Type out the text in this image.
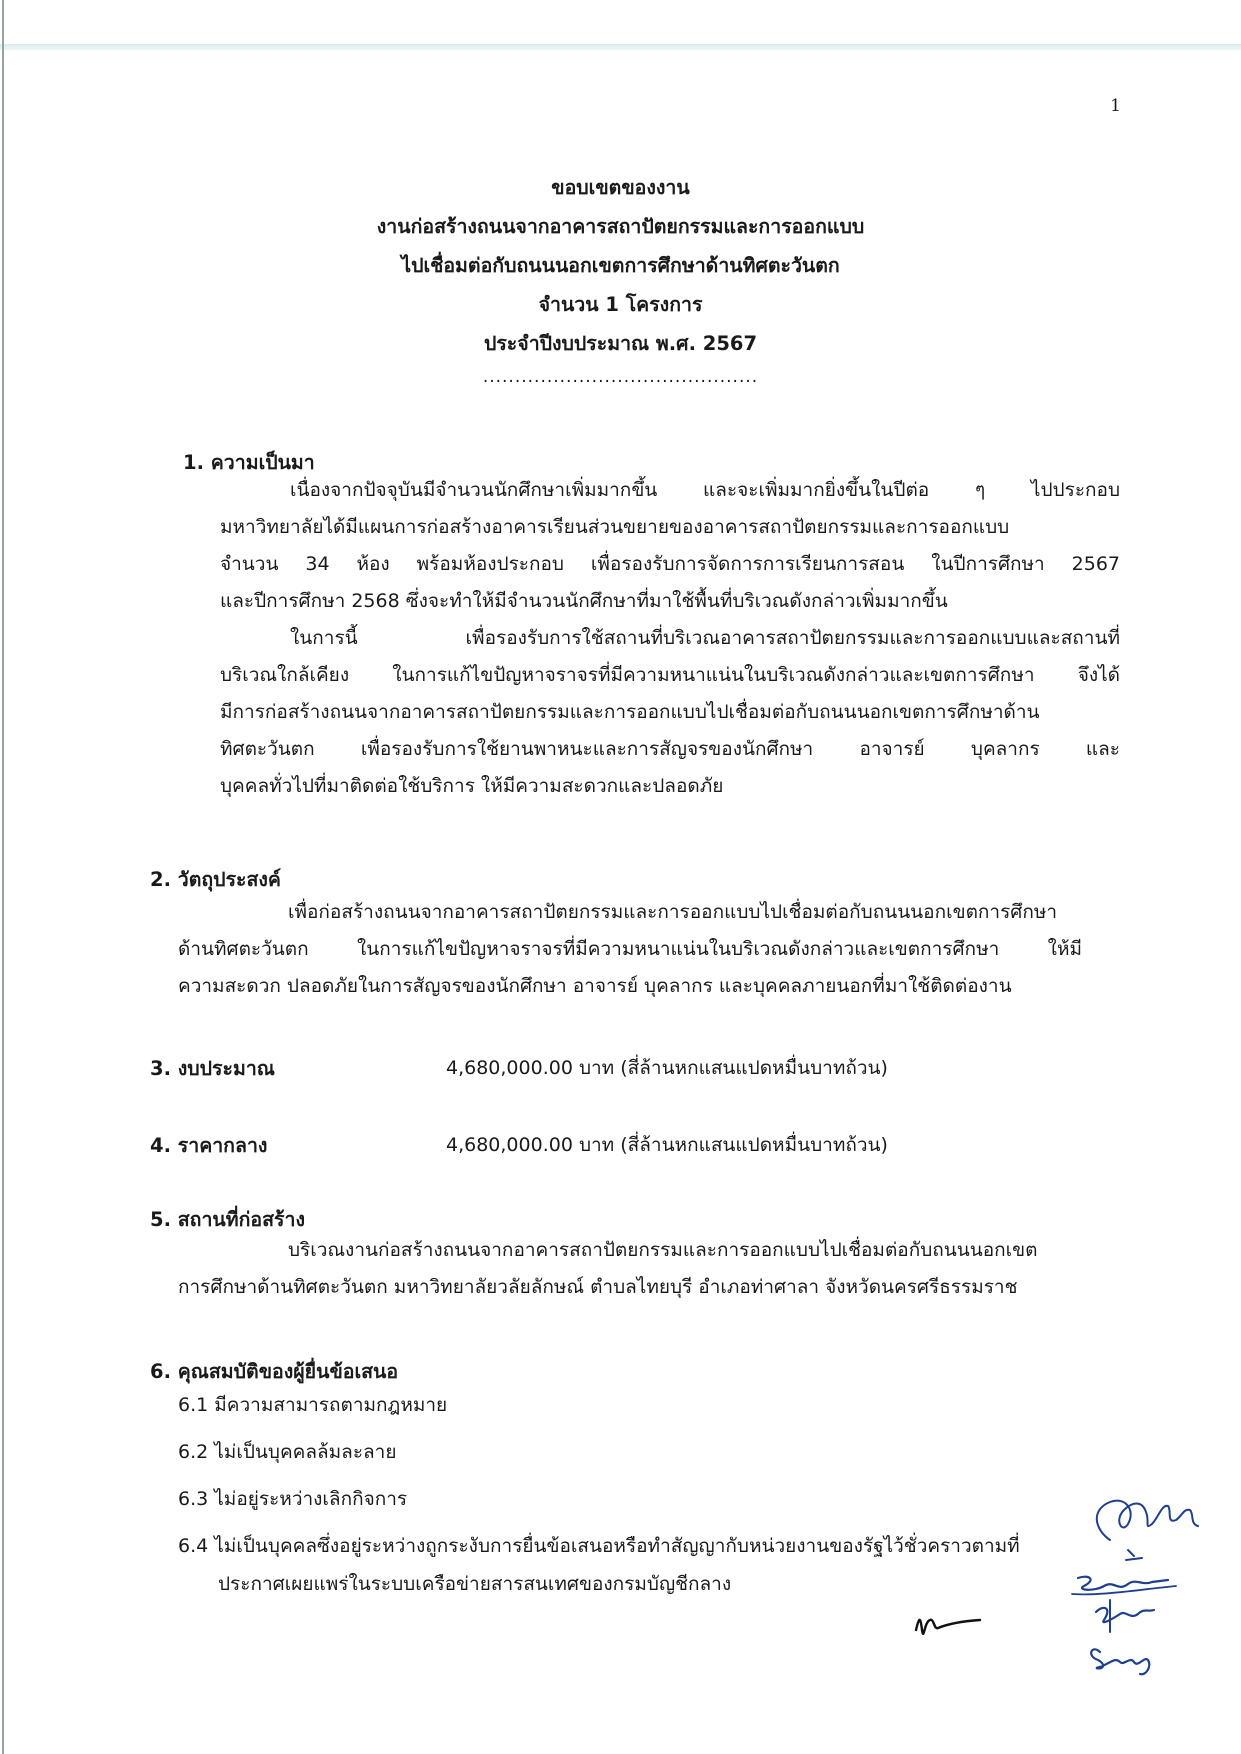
1
ขอบเขตของงาน
งานก่อสร้างถนนจากอาคารสถาปัตยกรรมและการออกแบบ
ไปเชื่อมต่อกับถนนนอกเขตการศึกษาด้านทิศตะวันตก
จำนวน 1 โครงการ
ประจำปีงบประมาณ พ.ศ. 2567
...........................................
1. ความเป็นมา
เนื่องจากปัจจุบันมีจำนวนนักศึกษาเพิ่มมากขึ้น และจะเพิ่มมากยิ่งขึ้นในปีต่อ ๆ ไปประกอบ
มหาวิทยาลัยได้มีแผนการก่อสร้างอาคารเรียนส่วนขยายของอาคารสถาปัตยกรรมและการออกแบบ
จำนวน 34 ห้อง พร้อมห้องประกอบ เพื่อรองรับการจัดการการเรียนการสอน ในปีการศึกษา 2567
และปีการศึกษา 2568 ซึ่งจะทำให้มีจำนวนนักศึกษาที่มาใช้พื้นที่บริเวณดังกล่าวเพิ่มมากขึ้น
ในการนี้ เพื่อรองรับการใช้สถานที่บริเวณอาคารสถาปัตยกรรมและการออกแบบและสถานที่
บริเวณใกล้เคียง ในการแก้ไขปัญหาจราจรที่มีความหนาแน่นในบริเวณดังกล่าวและเขตการศึกษา จึงได้
มีการก่อสร้างถนนจากอาคารสถาปัตยกรรมและการออกแบบไปเชื่อมต่อกับถนนนอกเขตการศึกษาด้าน
ทิศตะวันตก เพื่อรองรับการใช้ยานพาหนะและการสัญจรของนักศึกษา อาจารย์ บุคลากร และ
บุคคลทั่วไปที่มาติดต่อใช้บริการ ให้มีความสะดวกและปลอดภัย
2. วัตถุประสงค์
เพื่อก่อสร้างถนนจากอาคารสถาปัตยกรรมและการออกแบบไปเชื่อมต่อกับถนนนอกเขตการศึกษา
ด้านทิศตะวันตก ในการแก้ไขปัญหาจราจรที่มีความหนาแน่นในบริเวณดังกล่าวและเขตการศึกษา ให้มี
ความสะดวก ปลอดภัยในการสัญจรของนักศึกษา อาจารย์ บุคลากร และบุคคลภายนอกที่มาใช้ติดต่องาน
3. งบประมาณ	4,680,000.00 บาท (สี่ล้านหกแสนแปดหมื่นบาทถ้วน)
4. ราคากลาง	4,680,000.00 บาท (สี่ล้านหกแสนแปดหมื่นบาทถ้วน)
5. สถานที่ก่อสร้าง
บริเวณงานก่อสร้างถนนจากอาคารสถาปัตยกรรมและการออกแบบไปเชื่อมต่อกับถนนนอกเขต
การศึกษาด้านทิศตะวันตก มหาวิทยาลัยวลัยลักษณ์ ตำบลไทยบุรี อำเภอท่าศาลา จังหวัดนครศรีธรรมราช
6. คุณสมบัติของผู้ยื่นข้อเสนอ
6.1 มีความสามารถตามกฎหมาย
6.2 ไม่เป็นบุคคลล้มละลาย
6.3 ไม่อยู่ระหว่างเลิกกิจการ
6.4 ไม่เป็นบุคคลซึ่งอยู่ระหว่างถูกระงับการยื่นข้อเสนอหรือทำสัญญากับหน่วยงานของรัฐไว้ชั่วคราวตามที่
ประกาศเผยแพร่ในระบบเครือข่ายสารสนเทศของกรมบัญชีกลาง
